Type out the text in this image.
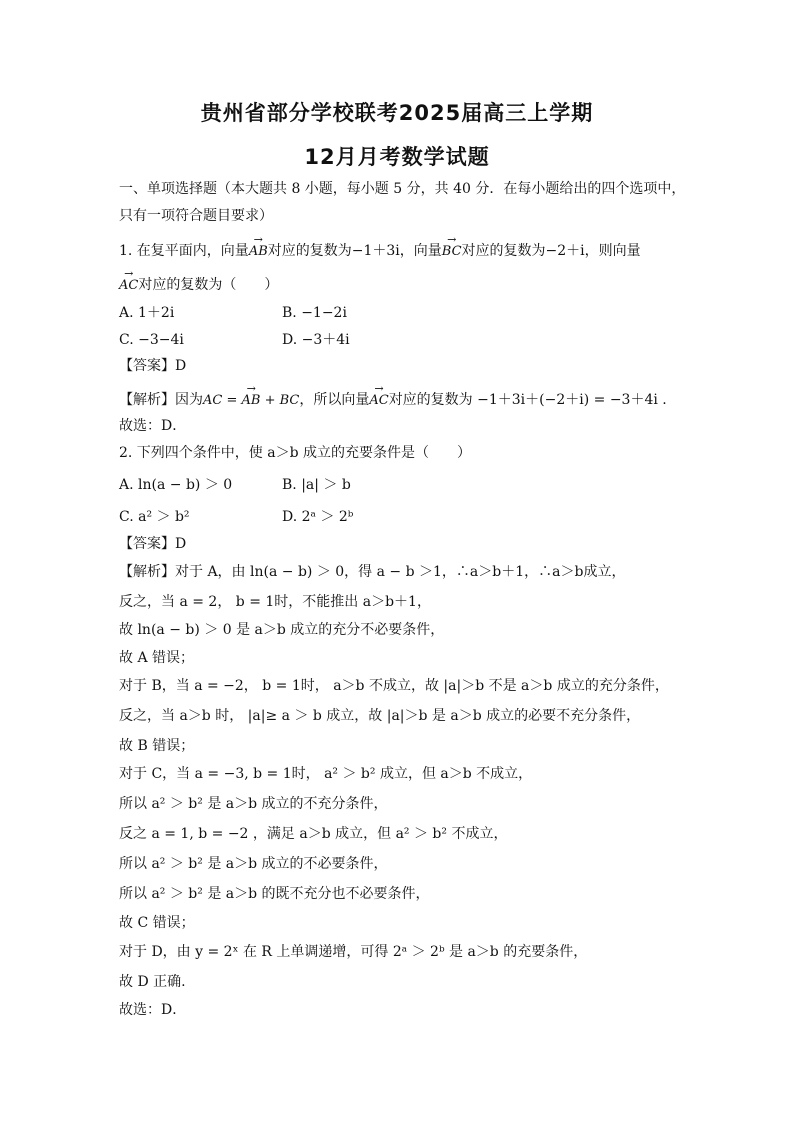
贵州省部分学校联考2025届高三上学期
12月月考数学试题
一、单项选择题（本大题共 8 小题，每小题 5 分，共 40 分．在每小题给出的四个选项中，
只有一项符合题目要求）
1. 在复平面内，向量→ AB对应的复数为−1＋3i，向量→ BC对应的复数为−2＋i，则向量
→ AC对应的复数为（　　）
A. 1＋2i	B. −1−2i
C. −3−4i	D. −3＋4i
【答案】D
【解析】因为→ AC = AB + BC，所以向量→ AC对应的复数为 −1＋3i＋(−2＋i) = −3＋4i .
故选：D．
2. 下列四个条件中，使 a＞b 成立的充要条件是（　　）
A. ln(a − b) ＞ 0	B. |a| ＞ b
C. a² ＞ b²	D. 2ᵃ ＞ 2ᵇ
【答案】D
【解析】对于 A，由 ln(a − b) ＞ 0，得 a − b ＞1，∴a＞b＋1，∴a＞b成立，
反之，当 a = 2， b = 1时，不能推出 a＞b＋1，
故 ln(a − b) ＞ 0 是 a＞b 成立的充分不必要条件，
故 A 错误；
对于 B，当 a = −2， b = 1时， a＞b 不成立，故 |a|＞b 不是 a＞b 成立的充分条件，
反之，当 a＞b 时， |a|≥ a ＞ b 成立，故 |a|＞b 是 a＞b 成立的必要不充分条件，
故 B 错误；
对于 C，当 a = −3, b = 1时， a² ＞ b² 成立，但 a＞b 不成立，
所以 a² ＞ b² 是 a＞b 成立的不充分条件，
反之 a = 1, b = −2 ，满足 a＞b 成立，但 a² ＞ b² 不成立，
所以 a² ＞ b² 是 a＞b 成立的不必要条件，
所以 a² ＞ b² 是 a＞b 的既不充分也不必要条件，
故 C 错误；
对于 D，由 y = 2ˣ 在 R 上单调递增，可得 2ᵃ ＞ 2ᵇ 是 a＞b 的充要条件，
故 D 正确.
故选：D．
